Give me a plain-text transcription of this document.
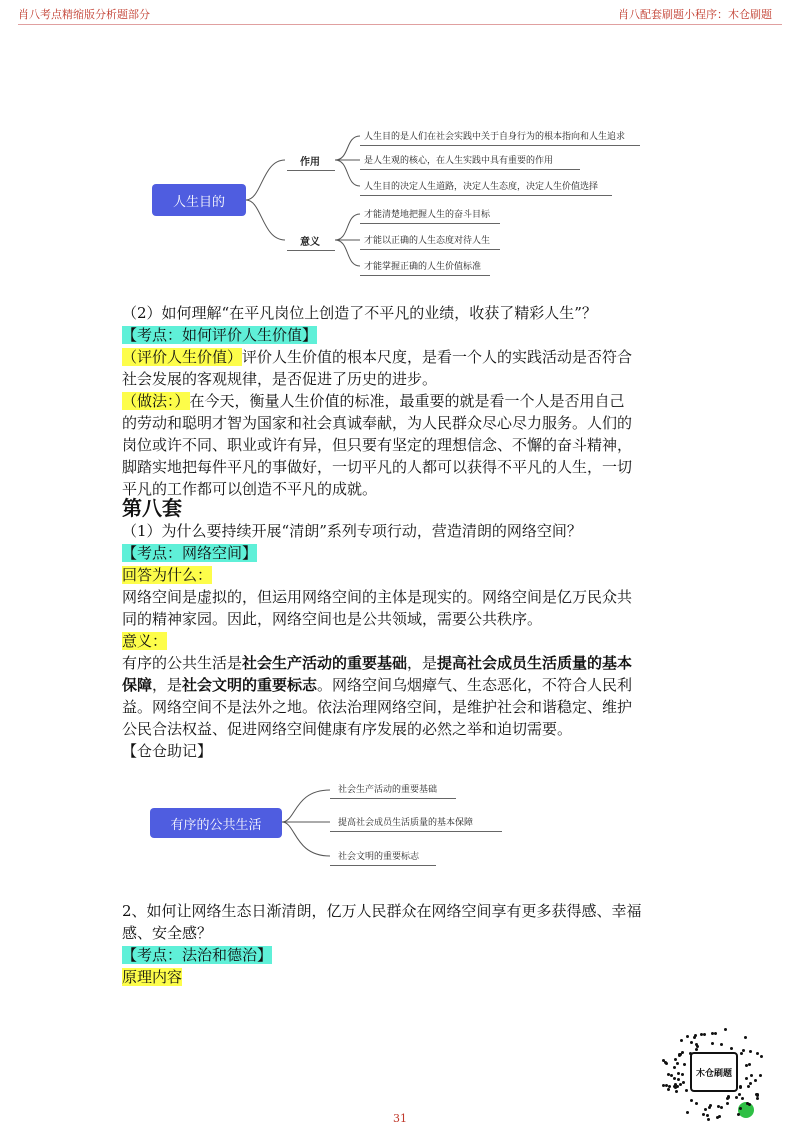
肖八考点精缩版分析题部分	肖八配套刷题小程序：木仓刷题
人生目的
作用
意义
人生目的是人们在社会实践中关于自身行为的根本指向和人生追求
是人生观的核心，在人生实践中具有重要的作用
人生目的决定人生道路，决定人生态度，决定人生价值选择
才能清楚地把握人生的奋斗目标
才能以正确的人生态度对待人生
才能掌握正确的人生价值标准
（2）如何理解“在平凡岗位上创造了不平凡的业绩，收获了精彩人生”？
【考点：如何评价人生价值】
（评价人生价值）评价人生价值的根本尺度，是看一个人的实践活动是否符合
社会发展的客观规律，是否促进了历史的进步。
（做法：）在今天，衡量人生价值的标准，最重要的就是看一个人是否用自己
的劳动和聪明才智为国家和社会真诚奉献，为人民群众尽心尽力服务。人们的
岗位或许不同、职业或许有异，但只要有坚定的理想信念、不懈的奋斗精神，
脚踏实地把每件平凡的事做好，一切平凡的人都可以获得不平凡的人生，一切
平凡的工作都可以创造不平凡的成就。
第八套
（1）为什么要持续开展“清朗”系列专项行动，营造清朗的网络空间？
【考点：网络空间】
回答为什么：
网络空间是虚拟的，但运用网络空间的主体是现实的。网络空间是亿万民众共
同的精神家园。因此，网络空间也是公共领域，需要公共秩序。
意义：
有序的公共生活是社会生产活动的重要基础，是提高社会成员生活质量的基本
保障，是社会文明的重要标志。网络空间乌烟瘴气、生态恶化，不符合人民利
益。网络空间不是法外之地。依法治理网络空间，是维护社会和谐稳定、维护
公民合法权益、促进网络空间健康有序发展的必然之举和迫切需要。
【仓仓助记】
有序的公共生活
社会生产活动的重要基础
提高社会成员生活质量的基本保障
社会文明的重要标志
2、如何让网络生态日渐清朗，亿万人民群众在网络空间享有更多获得感、幸福
感、安全感？
【考点：法治和德治】
原理内容
木仓刷题
31
